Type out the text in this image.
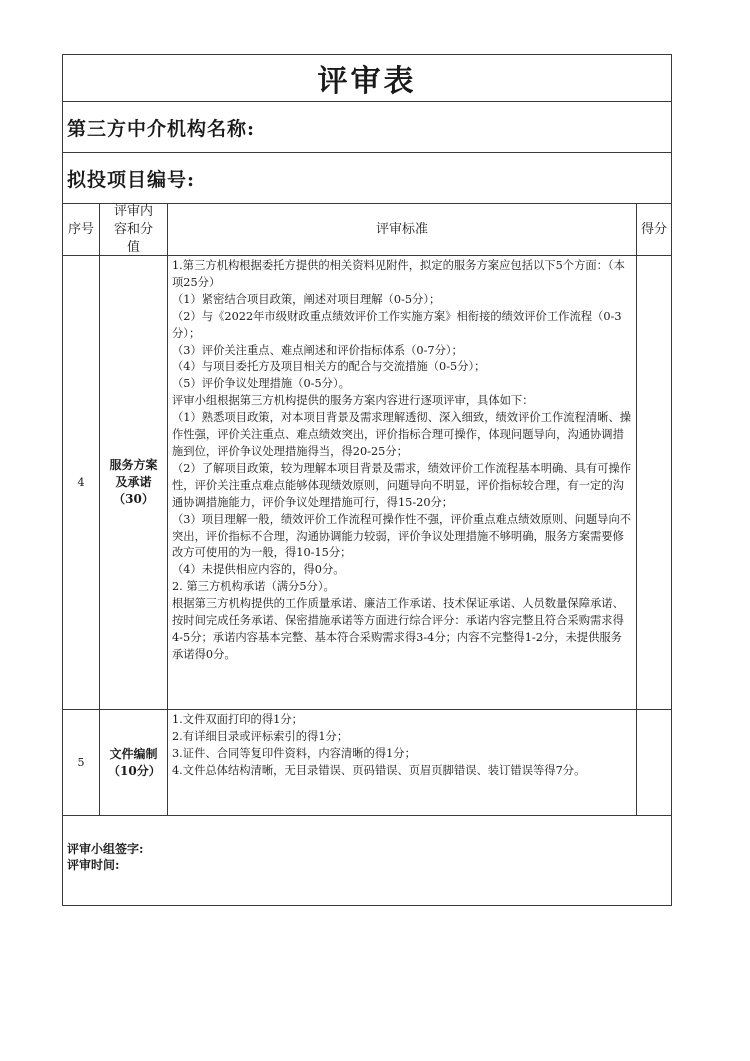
评审表
第三方中介机构名称:
拟投项目编号:
序号
评审内容和分值
评审标准	得分
4
服务方案及承诺（30）
1.第三方机构根据委托方提供的相关资料见附件，拟定的服务方案应包括以下5个方面：（本项25分）
（1）紧密结合项目政策，阐述对项目理解（0-5分）；
（2）与《2022年市级财政重点绩效评价工作实施方案》相衔接的绩效评价工作流程（0-3分）；
（3）评价关注重点、难点阐述和评价指标体系（0-7分）；
（4）与项目委托方及项目相关方的配合与交流措施（0-5分）；
（5）评价争议处理措施（0-5分）。
评审小组根据第三方机构提供的服务方案内容进行逐项评审，具体如下：
（1）熟悉项目政策，对本项目背景及需求理解透彻、深入细致，绩效评价工作流程清晰、操作性强，评价关注重点、难点绩效突出，评价指标合理可操作，体现问题导向，沟通协调措施到位，评价争议处理措施得当，得20-25分；
（2）了解项目政策，较为理解本项目背景及需求，绩效评价工作流程基本明确、具有可操作性，评价关注重点难点能够体现绩效原则，问题导向不明显，评价指标较合理，有一定的沟通协调措施能力，评价争议处理措施可行，得15-20分；
（3）项目理解一般，绩效评价工作流程可操作性不强，评价重点难点绩效原则、问题导向不突出，评价指标不合理，沟通协调能力较弱，评价争议处理措施不够明确，服务方案需要修改方可使用的为一般，得10-15分；
（4）未提供相应内容的，得0分。
2. 第三方机构承诺（满分5分）。
根据第三方机构提供的工作质量承诺、廉洁工作承诺、技术保证承诺、人员数量保障承诺、按时间完成任务承诺、保密措施承诺等方面进行综合评分：承诺内容完整且符合采购需求得4-5分；承诺内容基本完整、基本符合采购需求得3-4分；内容不完整得1-2分，未提供服务承诺得0分。
5
文件编制（10分）
1.文件双面打印的得1分；
2.有详细目录或评标索引的得1分；
3.证件、合同等复印件资料，内容清晰的得1分；
4.文件总体结构清晰，无目录错误、页码错误、页眉页脚错误、装订错误等得7分。
评审小组签字:
评审时间:
